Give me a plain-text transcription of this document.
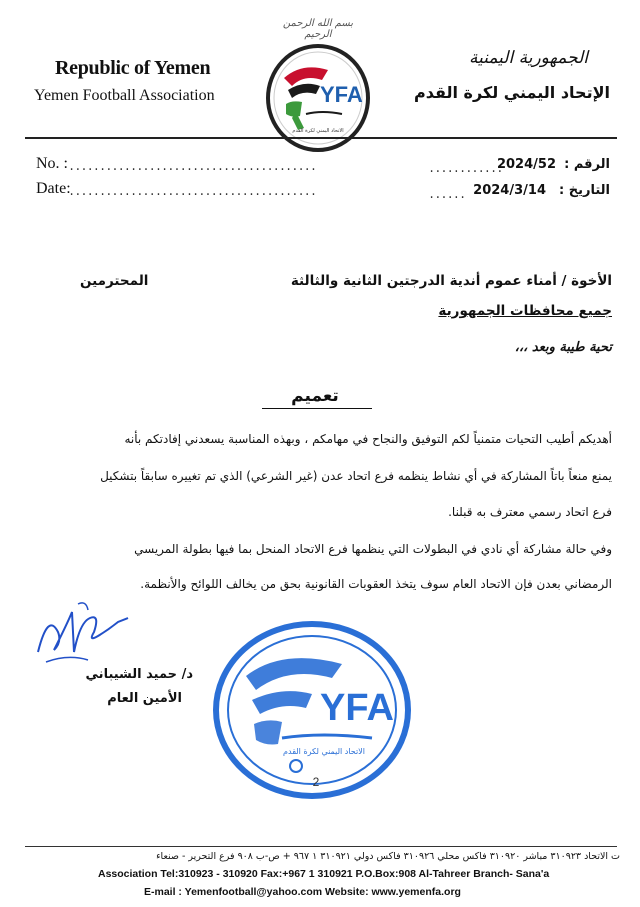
بسم الله الرحمن الرحيم
Republic of Yemen
Yemen Football Association
الجمهورية اليمنية
الإتحاد اليمني لكرة القدم
YFA
الاتحاد اليمني لكرة القدم
No. : ........................................
Date:
........................................
الرقم :
2024/52
............
التاريخ :
2024/3/14
......
الأخوة / أمناء عموم أندية الدرجتين الثانية والثالثة
المحترمين
جميع محافظات الجمهورية
تحية طيبة وبعد ،،،
تعميم
أهديكم أطيب التحيات متمنياً لكم التوفيق والنجاح في مهامكم ، وبهذه المناسبة يسعدني إفادتكم بأنه
يمنع منعاً باتاً المشاركة في أي نشاط ينظمه فرع اتحاد عدن (غير الشرعي) الذي تم تغييره سابقاً بتشكيل
فرع اتحاد رسمي معترف به قبلنا.
وفي حالة مشاركة أي نادي في البطولات التي ينظمها فرع الاتحاد المنحل بما فيها بطولة المريسي
الرمضاني بعدن فإن الاتحاد العام سوف يتخذ العقوبات القانونية بحق من يخالف اللوائح والأنظمة.
د/ حميد الشيباني
الأمين العام	YFA
الاتحاد اليمني لكرة القدم
2
ت الاتحاد ٣١٠٩٢٣ مباشر ٣١٠٩٢٠ فاكس محلي ٣١٠٩٢٦ فاكس دولي ٣١٠٩٢١ ١ ٩٦٧ + ص-ب ٩٠٨ فرع التحرير - صنعاء
Association Tel:310923 - 310920 Fax:+967 1 310921 P.O.Box:908 Al-Tahreer Branch- Sana'a
E-mail : Yemenfootball@yahoo.com Website: www.yemenfa.org
